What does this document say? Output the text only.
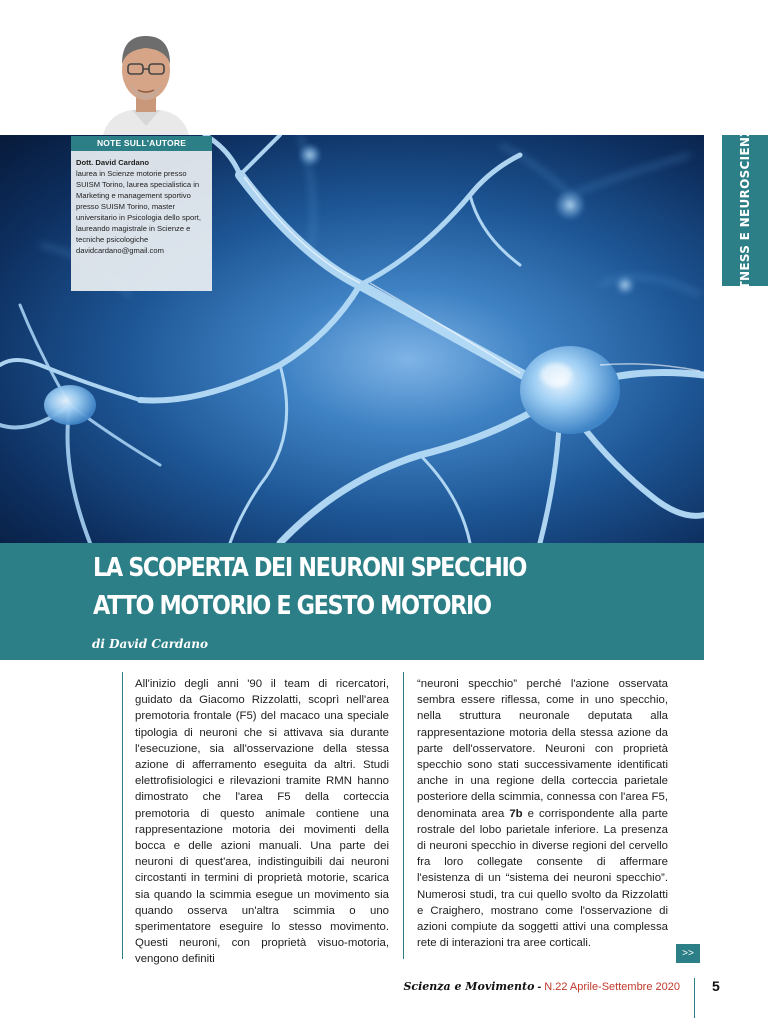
NOTE SULL'AUTORE
Dott. David Cardano
laurea in Scienze motorie presso SUISM Torino, laurea specialistica in Marketing e management sportivo presso SUISM Torino, master universitario in Psicologia dello sport, laureando magistrale in Scienze e tecniche psicologiche
davidcardano@gmail.com	FITNESS E NEUROSCIENZE
LA SCOPERTA DEI NEURONI SPECCHIO
ATTO MOTORIO E GESTO MOTORIO
di David Cardano

All'inizio degli anni '90 il team di ricercatori, guidato da Giacomo Rizzolatti, scoprì nell'area premotoria frontale (F5) del macaco una speciale tipologia di neuroni che si attivava sia durante l'esecuzione, sia all'osservazione della stessa azione di afferramento eseguita da altri. Studi elettrofisiologici e rilevazioni tramite RMN hanno dimostrato che l'area F5 della corteccia premotoria di questo animale contiene una rappresentazione motoria dei movimenti della bocca e delle azioni manuali. Una parte dei neuroni di quest'area, indistinguibili dai neuroni circostanti in termini di proprietà motorie, scarica sia quando la scimmia esegue un movimento sia quando osserva un'altra scimmia o uno sperimentatore eseguire lo stesso movimento. Questi neuroni, con proprietà visuo-motoria, vengono definiti

“neuroni specchio” perché l'azione osservata sembra essere riflessa, come in uno specchio, nella struttura neuronale deputata alla rappresentazione motoria della stessa azione da parte dell'osservatore. Neuroni con proprietà specchio sono stati successivamente identificati anche in una regione della corteccia parietale posteriore della scimmia, connessa con l'area F5, denominata area 7b e corrispondente alla parte rostrale del lobo parietale inferiore. La presenza di neuroni specchio in diverse regioni del cervello fra loro collegate consente di affermare l'esistenza di un “sistema dei neuroni specchio”. Numerosi studi, tra cui quello svolto da Rizzolatti e Craighero, mostrano come l'osservazione di azioni compiute da soggetti attivi una complessa rete di interazioni tra aree corticali.

>>
Scienza e Movimento - N.22 Aprile-Settembre 2020 5
